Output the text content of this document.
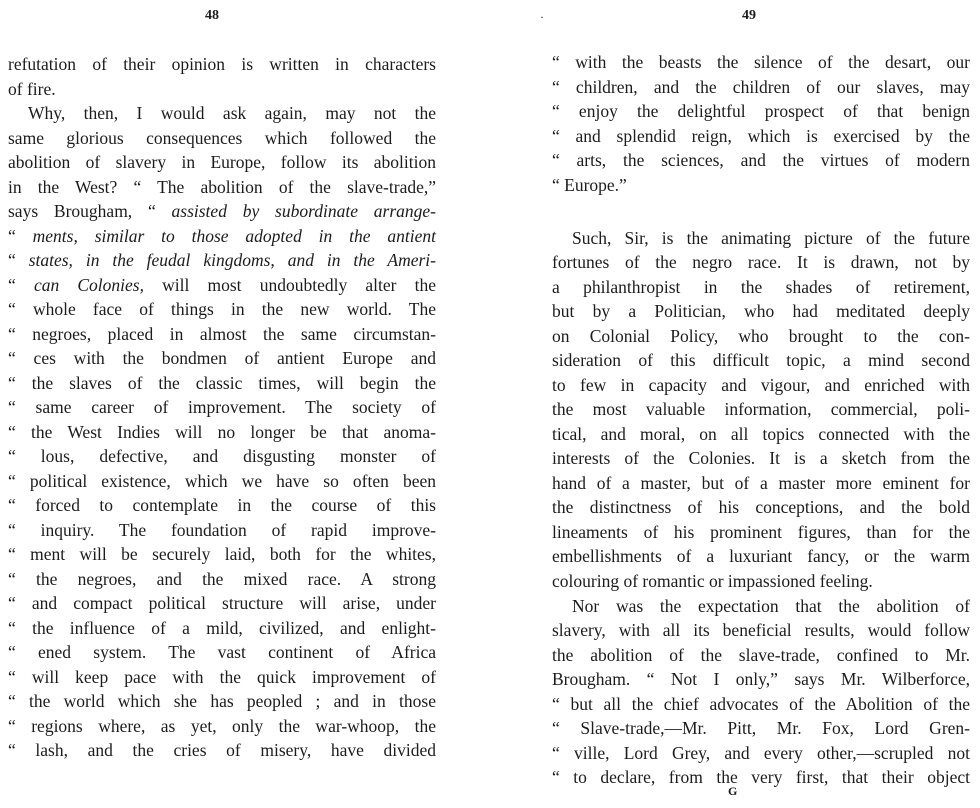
48
refutation of their opinion is written in characters
of fire.
Why, then, I would ask again, may not the
same glorious consequences which followed the
abolition of slavery in Europe, follow its abolition
in the West? “ The abolition of the slave-trade,”
says Brougham, “ assisted by subordinate arrange-
“ ments, similar to those adopted in the antient
“ states, in the feudal kingdoms, and in the Ameri-
“ can Colonies, will most undoubtedly alter the
“ whole face of things in the new world. The
“ negroes, placed in almost the same circumstan-
“ ces with the bondmen of antient Europe and
“ the slaves of the classic times, will begin the
“ same career of improvement. The society of
“ the West Indies will no longer be that anoma-
“ lous, defective, and disgusting monster of
“ political existence, which we have so often been
“ forced to contemplate in the course of this
“ inquiry. The foundation of rapid improve-
“ ment will be securely laid, both for the whites,
“ the negroes, and the mixed race. A strong
“ and compact political structure will arise, under
“ the influence of a mild, civilized, and enlight-
“ ened system. The vast continent of Africa
“ will keep pace with the quick improvement of
“ the world which she has peopled ; and in those
“ regions where, as yet, only the war-whoop, the
“ lash, and the cries of misery, have divided
·	49
“ with the beasts the silence of the desart, our
“ children, and the children of our slaves, may
“ enjoy the delightful prospect of that benign
“ and splendid reign, which is exercised by the
“ arts, the sciences, and the virtues of modern
“ Europe.”
Such, Sir, is the animating picture of the future
fortunes of the negro race. It is drawn, not by
a philanthropist in the shades of retirement,
but by a Politician, who had meditated deeply
on Colonial Policy, who brought to the con-
sideration of this difficult topic, a mind second
to few in capacity and vigour, and enriched with
the most valuable information, commercial, poli-
tical, and moral, on all topics connected with the
interests of the Colonies. It is a sketch from the
hand of a master, but of a master more eminent for
the distinctness of his conceptions, and the bold
lineaments of his prominent figures, than for the
embellishments of a luxuriant fancy, or the warm
colouring of romantic or impassioned feeling.
Nor was the expectation that the abolition of
slavery, with all its beneficial results, would follow
the abolition of the slave-trade, confined to Mr.
Brougham. “ Not I only,” says Mr. Wilberforce,
“ but all the chief advocates of the Abolition of the
“ Slave-trade,—Mr. Pitt, Mr. Fox, Lord Gren-
“ ville, Lord Grey, and every other,—scrupled not
“ to declare, from the very first, that their object
G
